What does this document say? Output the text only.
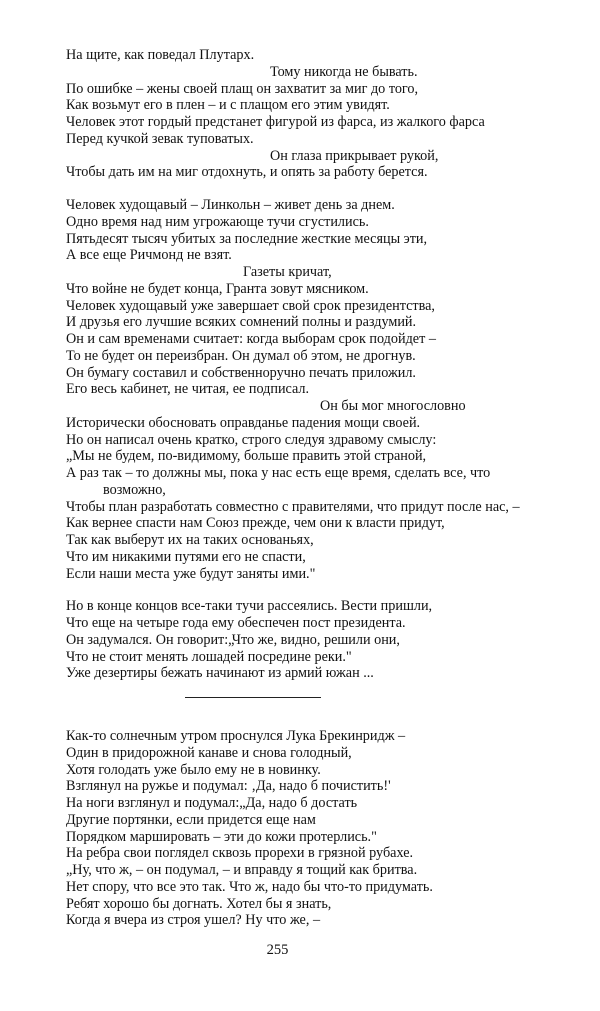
На щите, как поведал Плутарх.
Тому никогда не бывать.
По ошибке – жены своей плащ он захватит за миг до того,
Как возьмут его в плен – и с плащом его этим увидят.
Человек этот гордый предстанет фигурой из фарса, из жалкого фарса
Перед кучкой зевак туповатых.
Он глаза прикрывает рукой,
Чтобы дать им на миг отдохнуть, и опять за работу берется.
Человек худощавый – Линкольн – живет день за днем.
Одно время над ним угрожающе тучи сгустились.
Пятьдесят тысяч убитых за последние жесткие месяцы эти,
А все еще Ричмонд не взят.
Газеты кричат,
Что войне не будет конца, Гранта зовут мясником.
Человек худощавый уже завершает свой срок президентства,
И друзья его лучшие всяких сомнений полны и раздумий.
Он и сам временами считает: когда выборам срок подойдет –
То не будет он переизбран. Он думал об этом, не дрогнув.
Он бумагу составил и собственноручно печать приложил.
Его весь кабинет, не читая, ее подписал.
Он бы мог многословно
Исторически обосновать оправданье падения мощи своей.
Но он написал очень кратко, строго следуя здравому смыслу:
„Мы не будем, по-видимому, больше править этой страной,
А раз так – то должны мы, пока у нас есть еще время, сделать все, что
возможно,
Чтобы план разработать совместно с правителями, что придут после нас, –
Как вернее спасти нам Союз прежде, чем они к власти придут,
Так как выберут их на таких основаньях,
Что им никакими путями его не спасти,
Если наши места уже будут заняты ими."
Но в конце концов все-таки тучи рассеялись. Вести пришли,
Что еще на четыре года ему обеспечен пост президента.
Он задумался. Он говорит:„Что же, видно, решили они,
Что не стоит менять лошадей посредине реки."
Уже дезертиры бежать начинают из армий южан ...
Как-то солнечным утром проснулся Лука Брекинридж –
Один в придорожной канаве и снова голодный,
Хотя голодать уже было ему не в новинку.
Взглянул на ружье и подумал: ‚Да, надо б почистить!'
На ноги взглянул и подумал:„Да, надо б достать
Другие портянки, если придется еще нам
Порядком маршировать – эти до кожи протерлись."
На ребра свои поглядел сквозь прорехи в грязной рубахе.
„Ну, что ж, – он подумал, – и вправду я тощий как бритва.
Нет спору, что все это так. Что ж, надо бы что-то придумать.
Ребят хорошо бы догнать. Хотел бы я знать,
Когда я вчера из строя ушел? Ну что же, –
255
